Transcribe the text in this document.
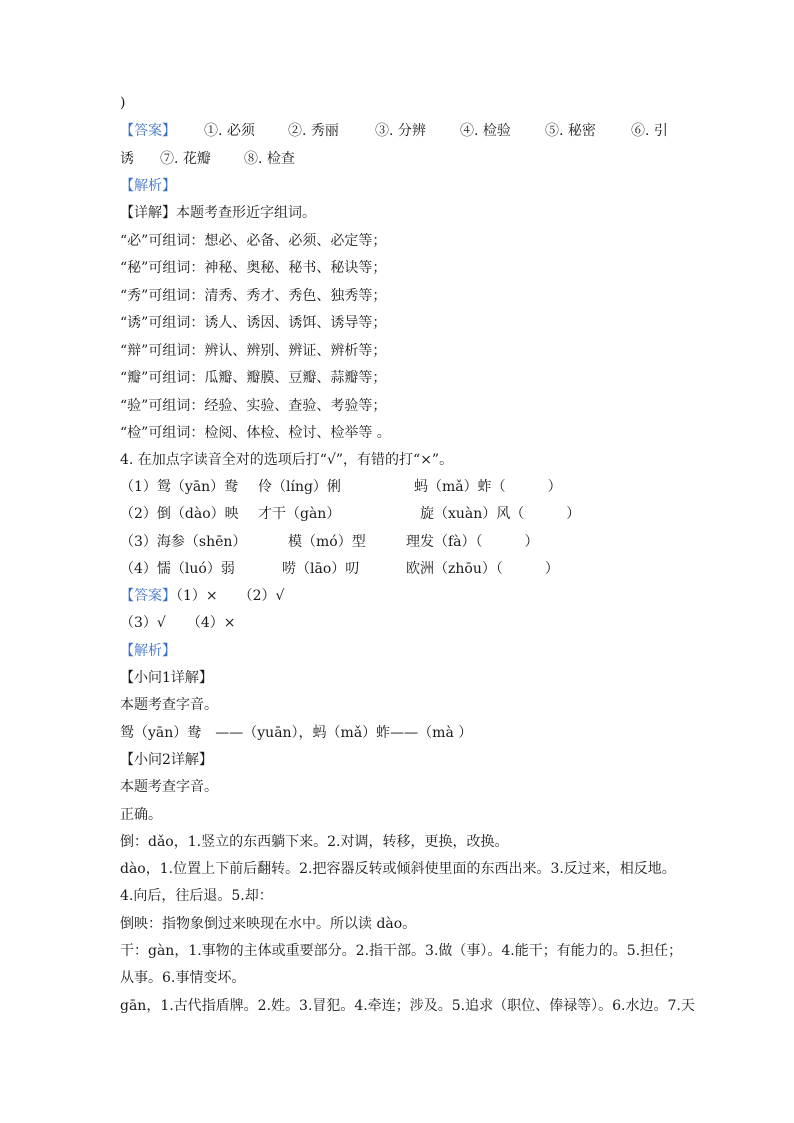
)
【答案】 ①. 必须 ②. 秀丽	③. 分辨 ④. 检验 ⑤. 秘密	⑥. 引
诱 ⑦. 花瓣 ⑧. 检查
【解析】
【详解】本题考查形近字组词。
“必”可组词：想必、必备、必须、必定等；
“秘”可组词：神秘、奥秘、秘书、秘诀等；
“秀”可组词：清秀、秀才、秀色、独秀等；
“诱”可组词：诱人、诱因、诱饵、诱导等；
“辩”可组词：辨认、辨别、辨证、辨析等；
“瓣”可组词：瓜瓣、瓣膜、豆瓣、蒜瓣等；
“验”可组词：经验、实验、查验、考验等；
“检”可组词：检阅、体检、检讨、检举等 。
4. 在加点字读音全对的选项后打“√”，有错的打“×”。
（1）鸳（yān）鸯 伶（líng）俐	蚂（mǎ）蚱（　　　）
（2）倒（dào）映 才干（gàn）	旋（xuàn）风（　　　）
（3）海参（shēn）	模（mó）型	理发（fà）（　　　）
（4）懦（luó）弱	唠（lāo）叨	欧洲（zhōu）（　　　）
【答案】（1）×　　（2）√
（3）√　　（4）×
【解析】
【小问1详解】
本题考查字音。
鸳（yān）鸯　——（yuān），蚂（mǎ）蚱——（mà ）
【小问2详解】
本题考查字音。
正确。
倒：dǎo，1.竖立的东西躺下来。2.对调，转移，更换，改换。
dào，1.位置上下前后翻转。2.把容器反转或倾斜使里面的东西出来。3.反过来，相反地。
4.向后，往后退。5.却：
倒映：指物象倒过来映现在水中。所以读 dào。
干：gàn，1.事物的主体或重要部分。2.指干部。3.做（事）。4.能干；有能力的。5.担任；
从事。6.事情变坏。
gān，1.古代指盾牌。2.姓。3.冒犯。4.牵连；涉及。5.追求（职位、俸禄等）。6.水边。7.天
